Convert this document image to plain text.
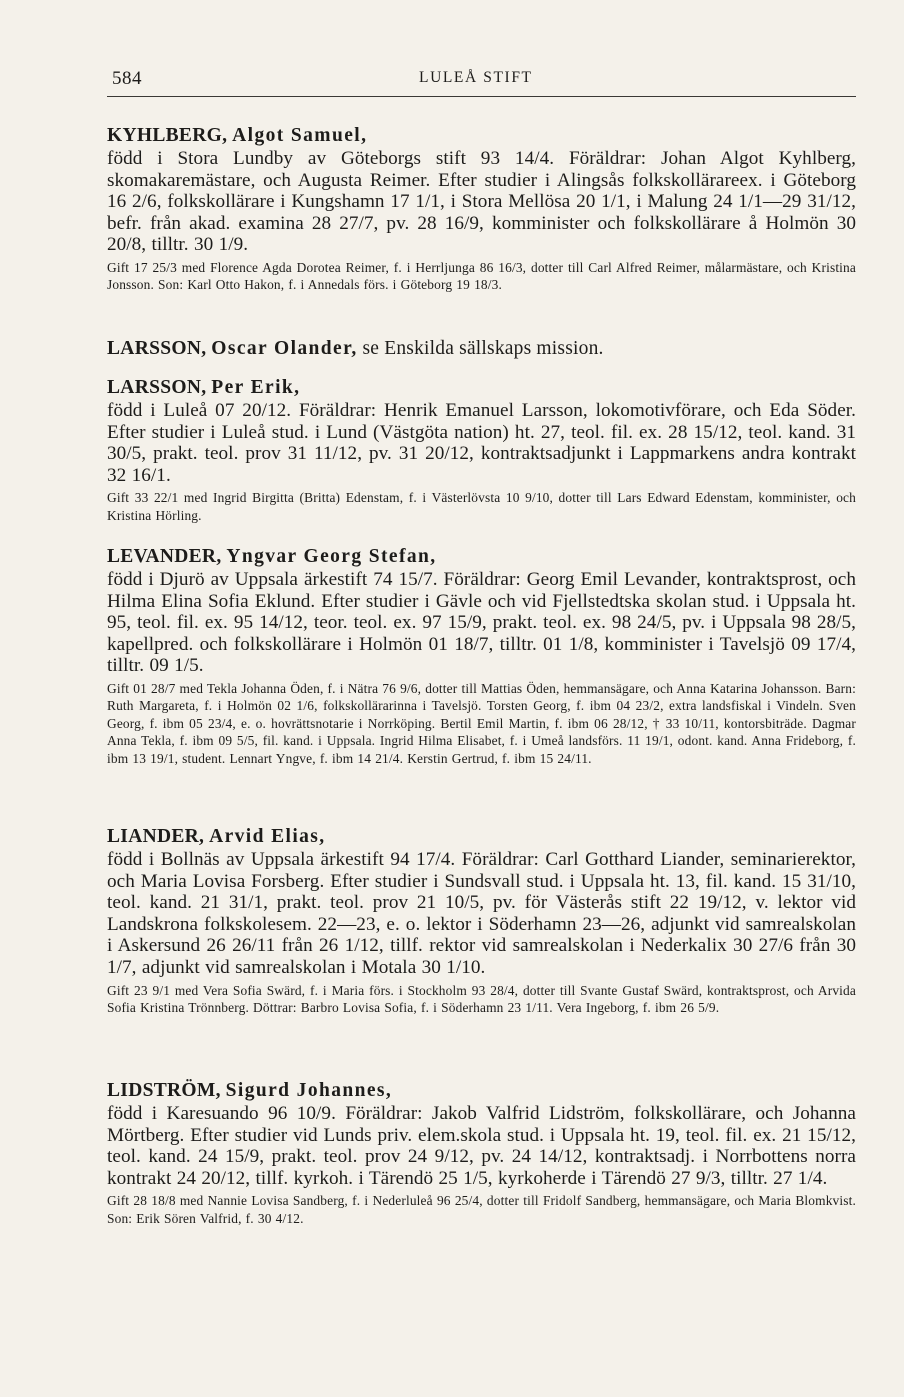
584	LULEÅ STIFT
KYHLBERG, Algot Samuel,
född i Stora Lundby av Göteborgs stift 93 14/4. Föräldrar: Johan Algot Kyhlberg, skomakaremästare, och Augusta Reimer. Efter studier i Alingsås folkskollärareex. i Göteborg 16 2/6, folkskollärare i Kungshamn 17 1/1, i Stora Mellösa 20 1/1, i Malung 24 1/1—29 31/12, befr. från akad. examina 28 27/7, pv. 28 16/9, komminister och folkskollärare å Holmön 30 20/8, tilltr. 30 1/9.
Gift 17 25/3 med Florence Agda Dorotea Reimer, f. i Herrljunga 86 16/3, dotter till Carl Alfred Reimer, målarmästare, och Kristina Jonsson. Son: Karl Otto Hakon, f. i Annedals förs. i Göteborg 19 18/3.
LARSSON, Oscar Olander, se Enskilda sällskaps mission.
LARSSON, Per Erik,
född i Luleå 07 20/12. Föräldrar: Henrik Emanuel Larsson, lokomotivförare, och Eda Söder. Efter studier i Luleå stud. i Lund (Västgöta nation) ht. 27, teol. fil. ex. 28 15/12, teol. kand. 31 30/5, prakt. teol. prov 31 11/12, pv. 31 20/12, kontraktsadjunkt i Lappmarkens andra kontrakt 32 16/1.
Gift 33 22/1 med Ingrid Birgitta (Britta) Edenstam, f. i Västerlövsta 10 9/10, dotter till Lars Edward Edenstam, komminister, och Kristina Hörling.
LEVANDER, Yngvar Georg Stefan,
född i Djurö av Uppsala ärkestift 74 15/7. Föräldrar: Georg Emil Levander, kontraktsprost, och Hilma Elina Sofia Eklund. Efter studier i Gävle och vid Fjellstedtska skolan stud. i Uppsala ht. 95, teol. fil. ex. 95 14/12, teor. teol. ex. 97 15/9, prakt. teol. ex. 98 24/5, pv. i Uppsala 98 28/5, kapellpred. och folkskollärare i Holmön 01 18/7, tilltr. 01 1/8, komminister i Tavelsjö 09 17/4, tilltr. 09 1/5.
Gift 01 28/7 med Tekla Johanna Öden, f. i Nätra 76 9/6, dotter till Mattias Öden, hemmansägare, och Anna Katarina Johansson. Barn: Ruth Margareta, f. i Holmön 02 1/6, folkskollärarinna i Tavelsjö. Torsten Georg, f. ibm 04 23/2, extra landsfiskal i Vindeln. Sven Georg, f. ibm 05 23/4, e. o. hovrättsnotarie i Norrköping. Bertil Emil Martin, f. ibm 06 28/12, † 33 10/11, kontorsbiträde. Dagmar Anna Tekla, f. ibm 09 5/5, fil. kand. i Uppsala. Ingrid Hilma Elisabet, f. i Umeå landsförs. 11 19/1, odont. kand. Anna Frideborg, f. ibm 13 19/1, student. Lennart Yngve, f. ibm 14 21/4. Kerstin Gertrud, f. ibm 15 24/11.
LIANDER, Arvid Elias,
född i Bollnäs av Uppsala ärkestift 94 17/4. Föräldrar: Carl Gotthard Liander, seminarierektor, och Maria Lovisa Forsberg. Efter studier i Sundsvall stud. i Uppsala ht. 13, fil. kand. 15 31/10, teol. kand. 21 31/1, prakt. teol. prov 21 10/5, pv. för Västerås stift 22 19/12, v. lektor vid Landskrona folkskolesem. 22—23, e. o. lektor i Söderhamn 23—26, adjunkt vid samrealskolan i Askersund 26 26/11 från 26 1/12, tillf. rektor vid samrealskolan i Nederkalix 30 27/6 från 30 1/7, adjunkt vid samrealskolan i Motala 30 1/10.
Gift 23 9/1 med Vera Sofia Swärd, f. i Maria förs. i Stockholm 93 28/4, dotter till Svante Gustaf Swärd, kontraktsprost, och Arvida Sofia Kristina Trönnberg. Döttrar: Barbro Lovisa Sofia, f. i Söderhamn 23 1/11. Vera Ingeborg, f. ibm 26 5/9.
LIDSTRÖM, Sigurd Johannes,
född i Karesuando 96 10/9. Föräldrar: Jakob Valfrid Lidström, folkskollärare, och Johanna Mörtberg. Efter studier vid Lunds priv. elem.skola stud. i Uppsala ht. 19, teol. fil. ex. 21 15/12, teol. kand. 24 15/9, prakt. teol. prov 24 9/12, pv. 24 14/12, kontraktsadj. i Norrbottens norra kontrakt 24 20/12, tillf. kyrkoh. i Tärendö 25 1/5, kyrkoherde i Tärendö 27 9/3, tilltr. 27 1/4.
Gift 28 18/8 med Nannie Lovisa Sandberg, f. i Nederluleå 96 25/4, dotter till Fridolf Sandberg, hemmansägare, och Maria Blomkvist. Son: Erik Sören Valfrid, f. 30 4/12.
